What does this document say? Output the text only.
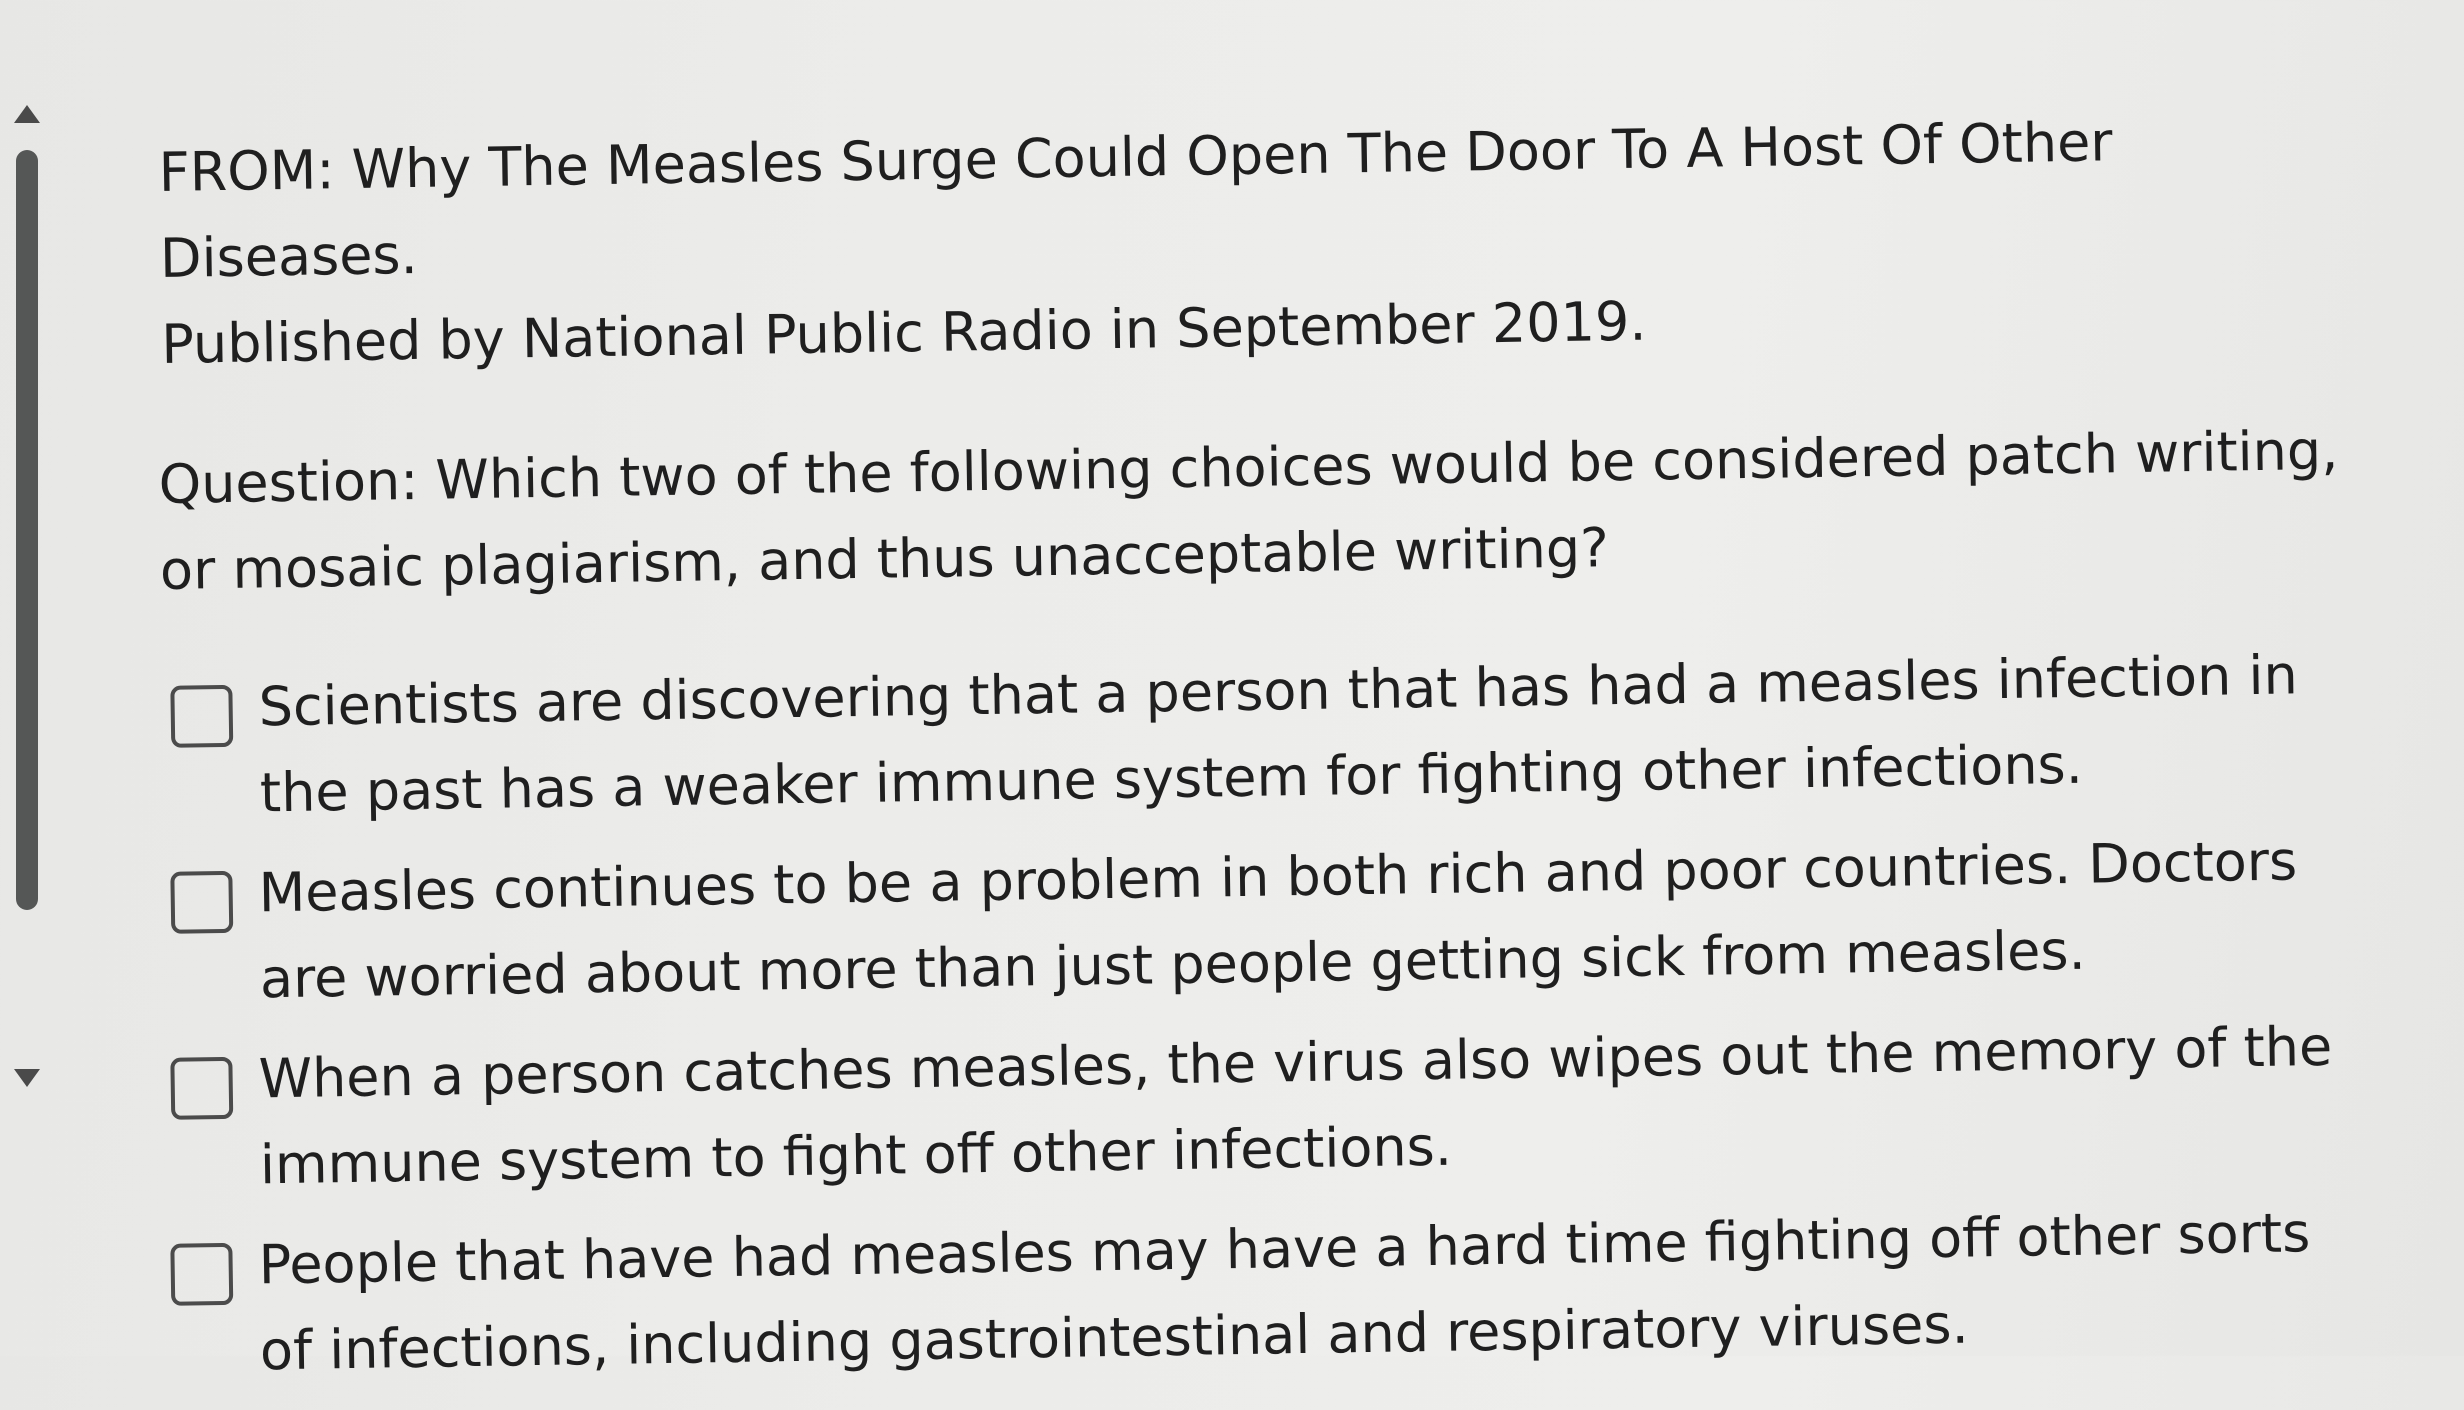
FROM: Why The Measles Surge Could Open The Door To A Host Of Other Diseases.
Published by National Public Radio in September 2019.

Question: Which two of the following choices would be considered patch writing, or mosaic plagiarism, and thus unacceptable writing?

Scientists are discovering that a person that has had a measles infection in the past has a weaker immune system for fighting other infections.
Measles continues to be a problem in both rich and poor countries. Doctors are worried about more than just people getting sick from measles.
When a person catches measles, the virus also wipes out the memory of the immune system to fight off other infections.
People that have had measles may have a hard time fighting off other sorts of infections, including gastrointestinal and respiratory viruses.
